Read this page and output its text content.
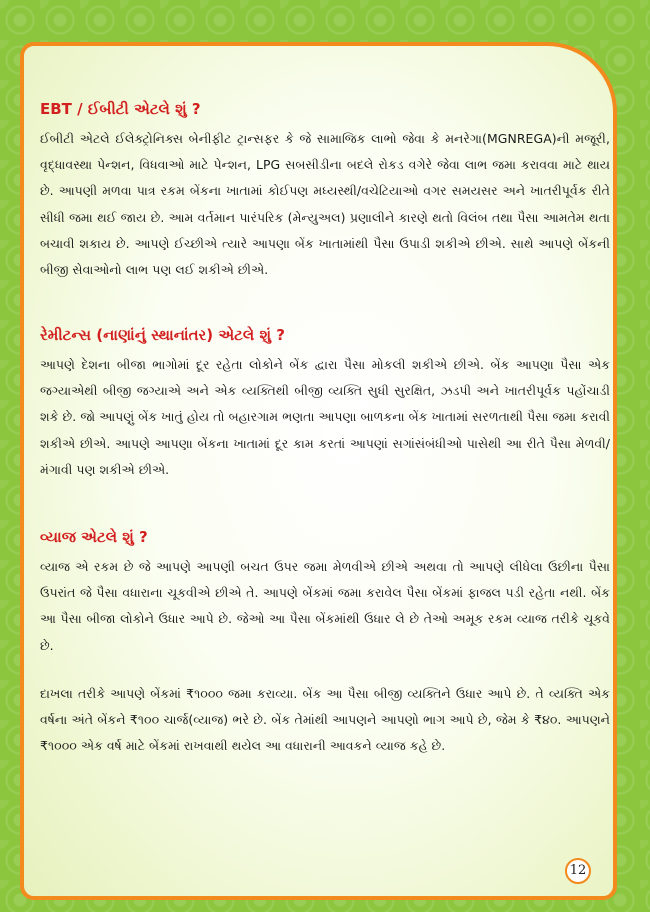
EBT / ઈબીટી એટલે શું ?

ઈબીટી એટલે ઈલેક્ટ્રોનિક્સ બેનીફીટ ટ્રાન્સફર કે જે સામાજિક લાભો જેવા કે મનરેગા(MGNREGA)ની મજૂરી, વૃદ્ધાવસ્થા પેન્શન, વિધવાઓ માટે પેન્શન, LPG સબસીડીના બદલે રોકડ વગેરે જેવા લાભ જમા કરાવવા માટે થાય છે. આપણી મળવા પાત્ર રકમ બેંકના ખાતામાં કોઈપણ મધ્યસ્થી/વચેટિયાઓ વગર સમયસર અને ખાતરીપૂર્વક રીતે સીધી જમા થઈ જાય છે. આમ વર્તમાન પારંપરિક (મેન્યુઅલ) પ્રણાલીને કારણે થતો વિલંબ તથા પૈસા આમતેમ થતા બચાવી શકાય છે. આપણે ઈચ્છીએ ત્યારે આપણા બેંક ખાતામાંથી પૈસા ઉપાડી શકીએ છીએ. સાથે આપણે બેંકની બીજી સેવાઓનો લાભ પણ લઈ શકીએ છીએ.

રેમીટન્સ (નાણાંનું સ્થાનાંતર) એટલે શું ?

આપણે દેશના બીજા ભાગોમાં દૂર રહેતા લોકોને બેંક દ્વારા પૈસા મોકલી શકીએ છીએ. બેંક આપણા પૈસા એક જગ્યાએથી બીજી જગ્યાએ અને એક વ્યક્તિથી બીજી વ્યક્તિ સુધી સુરક્ષિત, ઝડપી અને ખાતરીપૂર્વક પહોંચાડી શકે છે. જો આપણું બેંક ખાતું હોય તો બહારગામ ભણતા આપણા બાળકના બેંક ખાતામાં સરળતાથી પૈસા જમા કરાવી શકીએ છીએ. આપણે આપણા બેંકના ખાતામાં દૂર કામ કરતાં આપણાં સગાંસંબંધીઓ પાસેથી આ રીતે પૈસા મેળવી/મંગાવી પણ શકીએ છીએ.

વ્યાજ એટલે શું ?

વ્યાજ એ રકમ છે જે આપણે આપણી બચત ઉપર જમા મેળવીએ છીએ અથવા તો આપણે લીધેલા ઉછીના પૈસા ઉપરાંત જે પૈસા વધારાના ચૂકવીએ છીએ તે. આપણે બેંકમાં જમા કરાવેલ પૈસા બેંકમાં ફાજલ પડી રહેતા નથી. બેંક આ પૈસા બીજા લોકોને ઉધાર આપે છે. જેઓ આ પૈસા બેંકમાંથી ઉધાર લે છે તેઓ અમૂક રકમ વ્યાજ તરીકે ચૂકવે છે.

દાખલા તરીકે આપણે બેંકમાં ₹૧૦૦૦ જમા કરાવ્યા. બેંક આ પૈસા બીજી વ્યક્તિને ઉધાર આપે છે. તે વ્યક્તિ એક વર્ષના અંતે બેંકને ₹૧૦૦ ચાર્જ(વ્યાજ) ભરે છે. બેંક તેમાંથી આપણને આપણો ભાગ આપે છે, જેમ કે ₹૪૦. આપણને ₹૧૦૦૦ એક વર્ષ માટે બેંકમાં રાખવાથી થયેલ આ વધારાની આવકને વ્યાજ કહે છે.

12
